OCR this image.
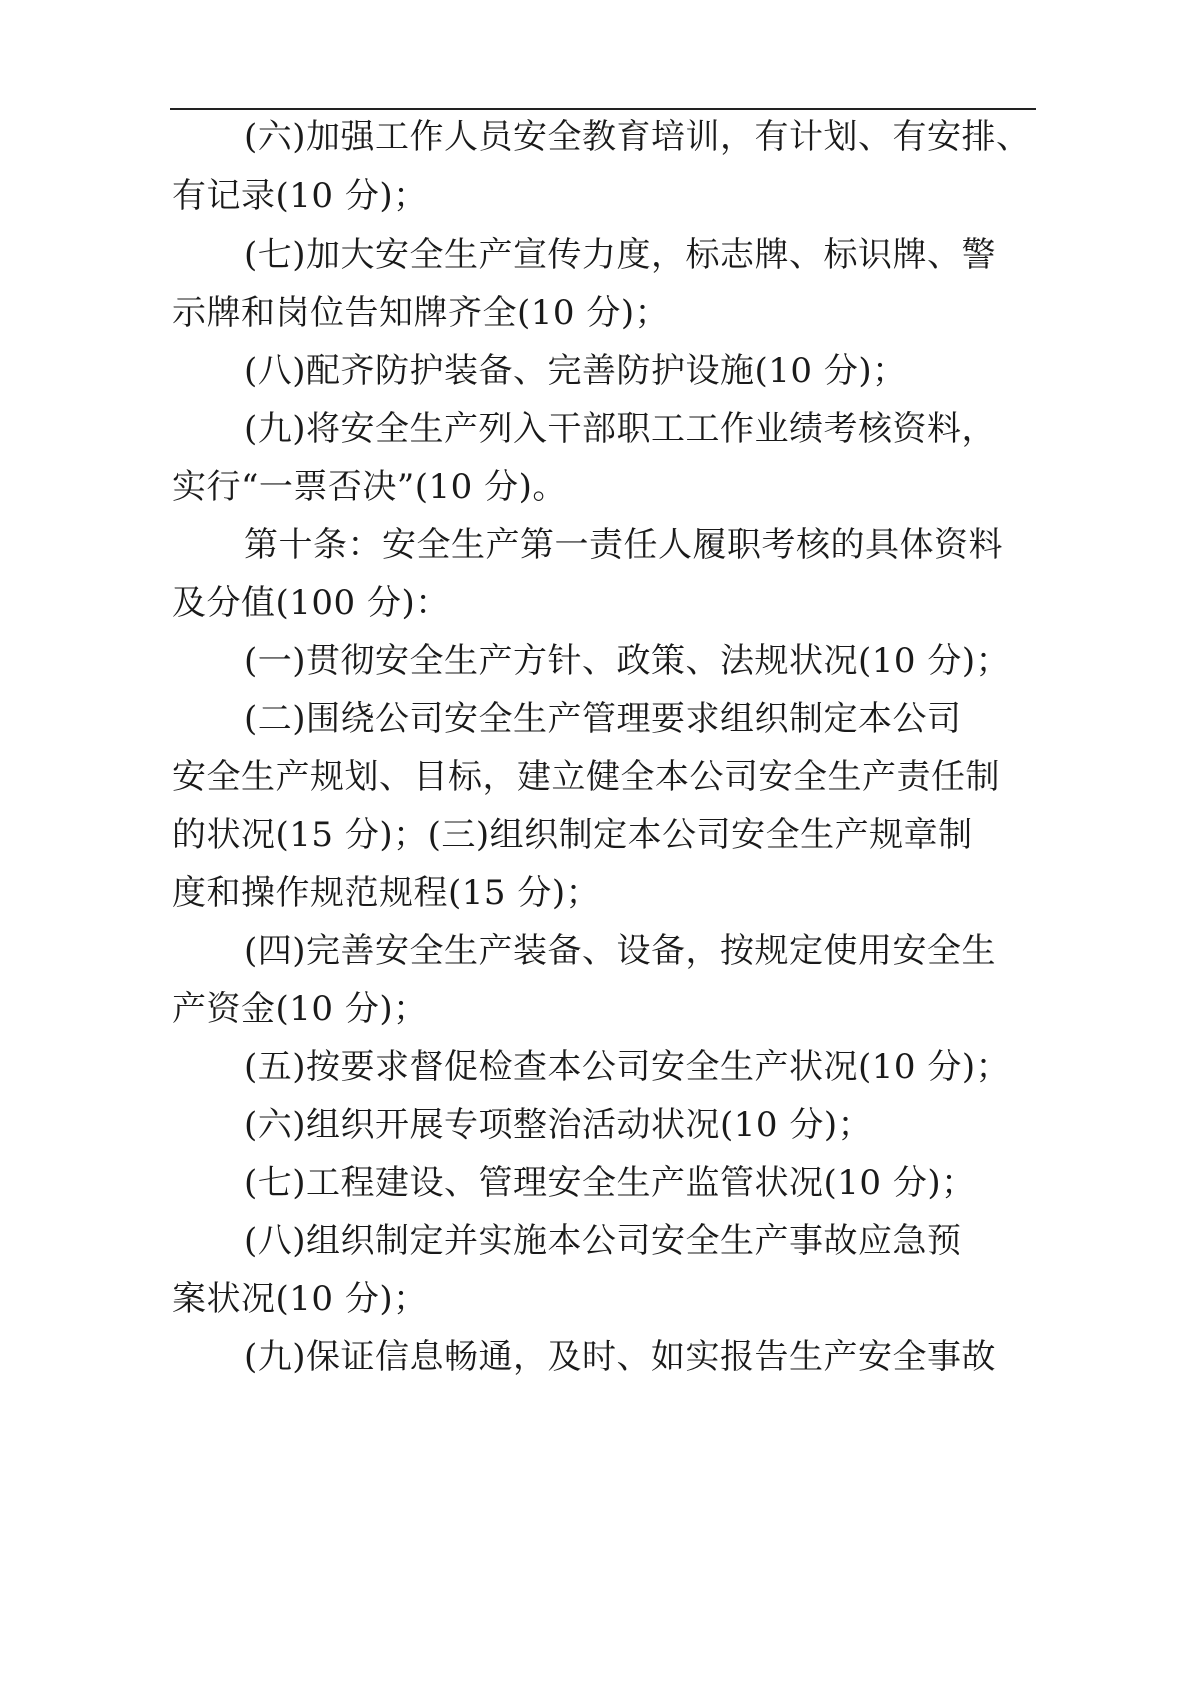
(六)加强工作人员安全教育培训，有计划、有安排、
有记录(10 分)；
(七)加大安全生产宣传力度，标志牌、标识牌、警
示牌和岗位告知牌齐全(10 分)；
(八)配齐防护装备、完善防护设施(10 分)；
(九)将安全生产列入干部职工工作业绩考核资料，
实行“一票否决”(10 分)。
第十条：安全生产第一责任人履职考核的具体资料
及分值(100 分)：
(一)贯彻安全生产方针、政策、法规状况(10 分)；
(二)围绕公司安全生产管理要求组织制定本公司
安全生产规划、目标，建立健全本公司安全生产责任制
的状况(15 分)；(三)组织制定本公司安全生产规章制
度和操作规范规程(15 分)；
(四)完善安全生产装备、设备，按规定使用安全生
产资金(10 分)；
(五)按要求督促检查本公司安全生产状况(10 分)；
(六)组织开展专项整治活动状况(10 分)；
(七)工程建设、管理安全生产监管状况(10 分)；
(八)组织制定并实施本公司安全生产事故应急预
案状况(10 分)；
(九)保证信息畅通，及时、如实报告生产安全事故
